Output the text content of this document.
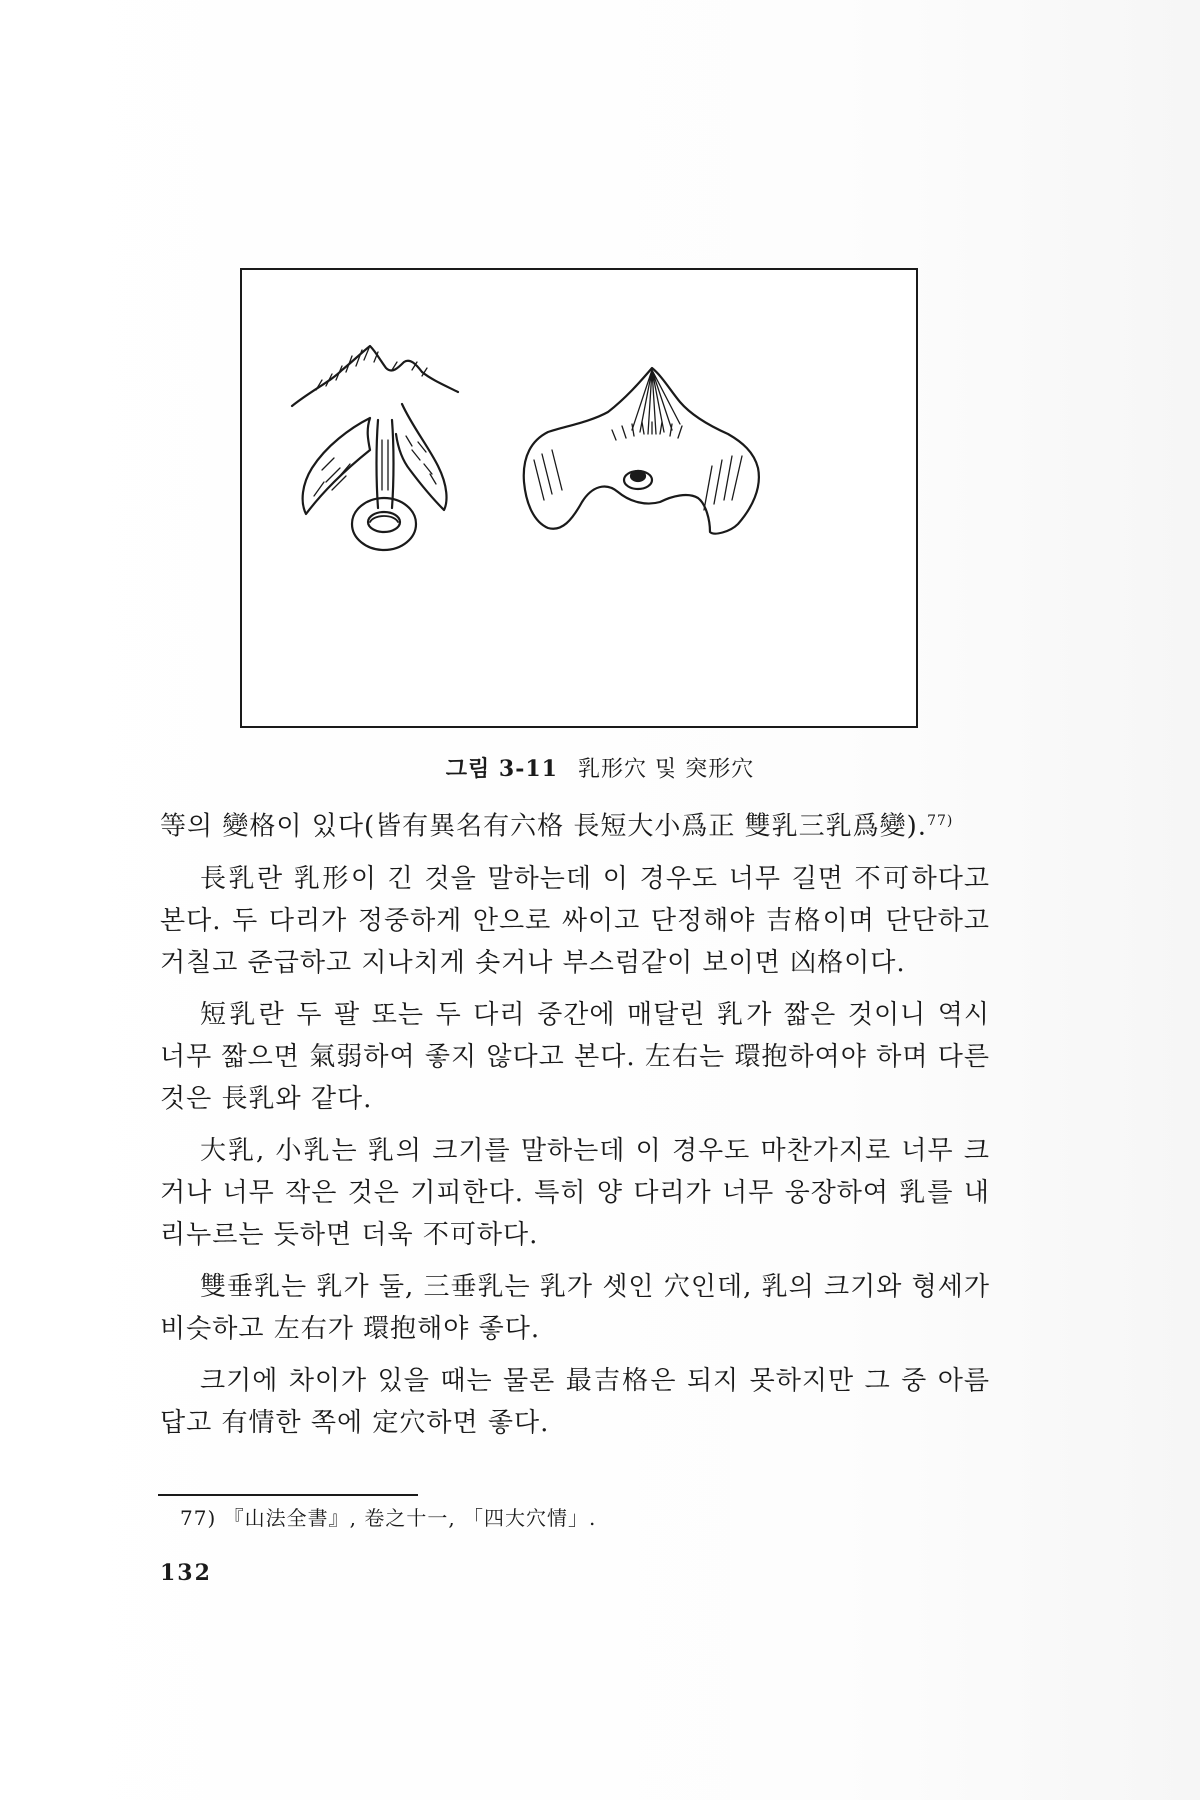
그림 3-11 乳形穴 및 突形穴

等의 變格이 있다(皆有異名有六格 長短大小爲正 雙乳三乳爲變).$^{77)}$

長乳란 乳形이 긴 것을 말하는데 이 경우도 너무 길면 不可하다고 본다. 두 다리가 정중하게 안으로 싸이고 단정해야 吉格이며 단단하고 거칠고 준급하고 지나치게 솟거나 부스럼같이 보이면 凶格이다.

短乳란 두 팔 또는 두 다리 중간에 매달린 乳가 짧은 것이니 역시 너무 짧으면 氣弱하여 좋지 않다고 본다. 左右는 環抱하여야 하며 다른 것은 長乳와 같다.

大乳, 小乳는 乳의 크기를 말하는데 이 경우도 마찬가지로 너무 크거나 너무 작은 것은 기피한다. 특히 양 다리가 너무 웅장하여 乳를 내리누르는 듯하면 더욱 不可하다.

雙垂乳는 乳가 둘, 三垂乳는 乳가 셋인 穴인데, 乳의 크기와 형세가 비슷하고 左右가 環抱해야 좋다.

크기에 차이가 있을 때는 물론 最吉格은 되지 못하지만 그 중 아름답고 有情한 쪽에 定穴하면 좋다.

77) 『山法全書』, 卷之十一, 「四大穴情」.
132
